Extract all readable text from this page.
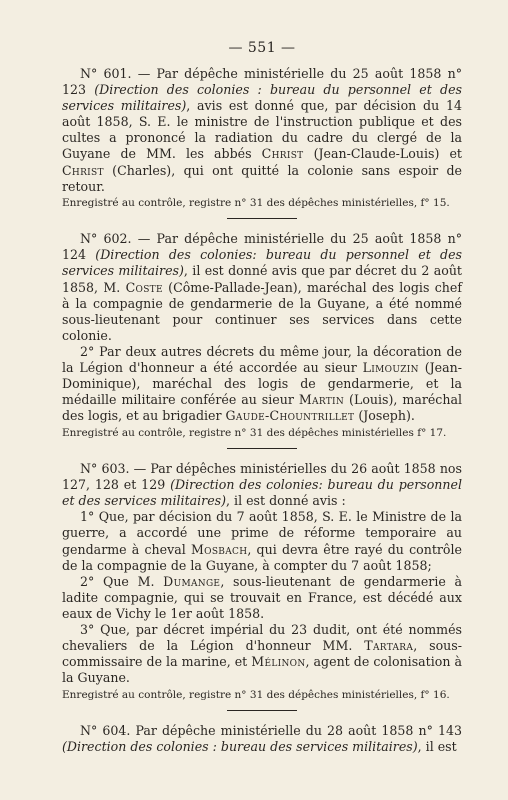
— 551 —

N° 601. — Par dépêche ministérielle du 25 août 1858 n° 123 (Direction des colonies : bureau du personnel et des services militaires), avis est donné que, par décision du 14 août 1858, S. E. le ministre de l'instruction publique et des cultes a prononcé la radiation du cadre du clergé de la Guyane de MM. les abbés Christ (Jean-Claude-Louis) et Christ (Charles), qui ont quitté la colonie sans espoir de retour.

Enregistré au contrôle, registre n° 31 des dépêches ministérielles, f° 15.

N° 602. — Par dépêche ministérielle du 25 août 1858 n° 124 (Direction des colonies: bureau du personnel et des services militaires), il est donné avis que par décret du 2 août 1858, M. Coste (Côme-Pallade-Jean), maréchal des logis chef à la compagnie de gendarmerie de la Guyane, a été nommé sous-lieutenant pour continuer ses services dans cette colonie.

2° Par deux autres décrets du même jour, la décoration de la Légion d'honneur a été accordée au sieur Limouzin (Jean-Dominique), maréchal des logis de gendarmerie, et la médaille militaire conférée au sieur Martin (Louis), maréchal des logis, et au brigadier Gaude-Chountrillet (Joseph).

Enregistré au contrôle, registre n° 31 des dépêches ministérielles f° 17.

N° 603. — Par dépêches ministérielles du 26 août 1858 nos 127, 128 et 129 (Direction des colonies: bureau du personnel et des services militaires), il est donné avis :

1° Que, par décision du 7 août 1858, S. E. le Ministre de la guerre, a accordé une prime de réforme temporaire au gendarme à cheval Mosbach, qui devra être rayé du contrôle de la compagnie de la Guyane, à compter du 7 août 1858;

2° Que M. Dumange, sous-lieutenant de gendarmerie à ladite compagnie, qui se trouvait en France, est décédé aux eaux de Vichy le 1er août 1858.

3° Que, par décret impérial du 23 dudit, ont été nommés chevaliers de la Légion d'honneur MM. Tartara, sous-commissaire de la marine, et Mélinon, agent de colonisation à la Guyane.

Enregistré au contrôle, registre n° 31 des dépêches ministérielles, f° 16.

N° 604. Par dépêche ministérielle du 28 août 1858 n° 143 (Direction des colonies : bureau des services militaires), il est
